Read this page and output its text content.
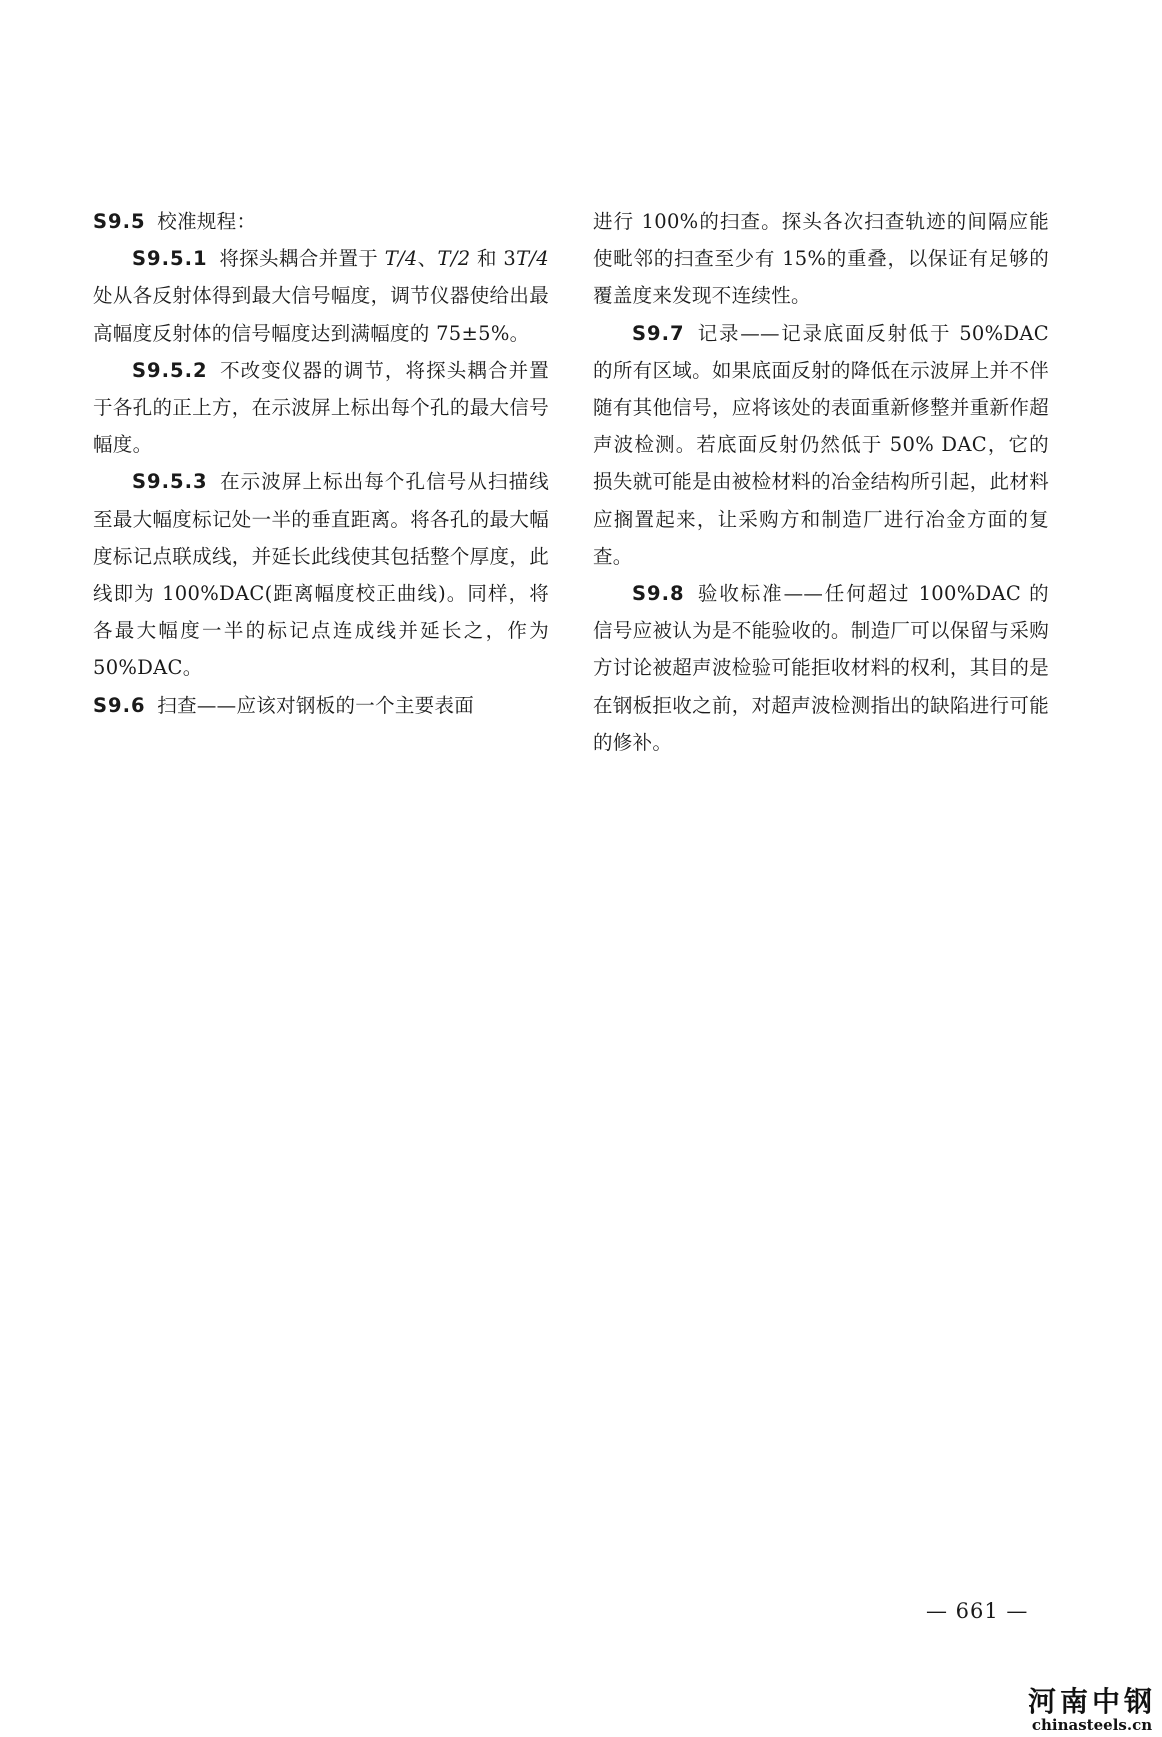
S9.5 校准规程：

S9.5.1 将探头耦合并置于 T/4、T/2 和 3T/4 处从各反射体得到最大信号幅度，调节仪器使给出最高幅度反射体的信号幅度达到满幅度的 75±5%。

S9.5.2 不改变仪器的调节，将探头耦合并置于各孔的正上方，在示波屏上标出每个孔的最大信号幅度。

S9.5.3 在示波屏上标出每个孔信号从扫描线至最大幅度标记处一半的垂直距离。将各孔的最大幅度标记点联成线，并延长此线使其包括整个厚度，此线即为 100%DAC(距离幅度校正曲线)。同样，将各最大幅度一半的标记点连成线并延长之，作为 50%DAC。

S9.6 扫查——应该对钢板的一个主要表面

进行 100%的扫查。探头各次扫查轨迹的间隔应能使毗邻的扫查至少有 15%的重叠，以保证有足够的覆盖度来发现不连续性。

S9.7 记录——记录底面反射低于 50%DAC 的所有区域。如果底面反射的降低在示波屏上并不伴随有其他信号，应将该处的表面重新修整并重新作超声波检测。若底面反射仍然低于 50% DAC，它的损失就可能是由被检材料的冶金结构所引起，此材料应搁置起来，让采购方和制造厂进行冶金方面的复查。

S9.8 验收标准——任何超过 100%DAC 的信号应被认为是不能验收的。制造厂可以保留与采购方讨论被超声波检验可能拒收材料的权利，其目的是在钢板拒收之前，对超声波检测指出的缺陷进行可能的修补。

— 661 —
河南中钢
chinasteels.cn
